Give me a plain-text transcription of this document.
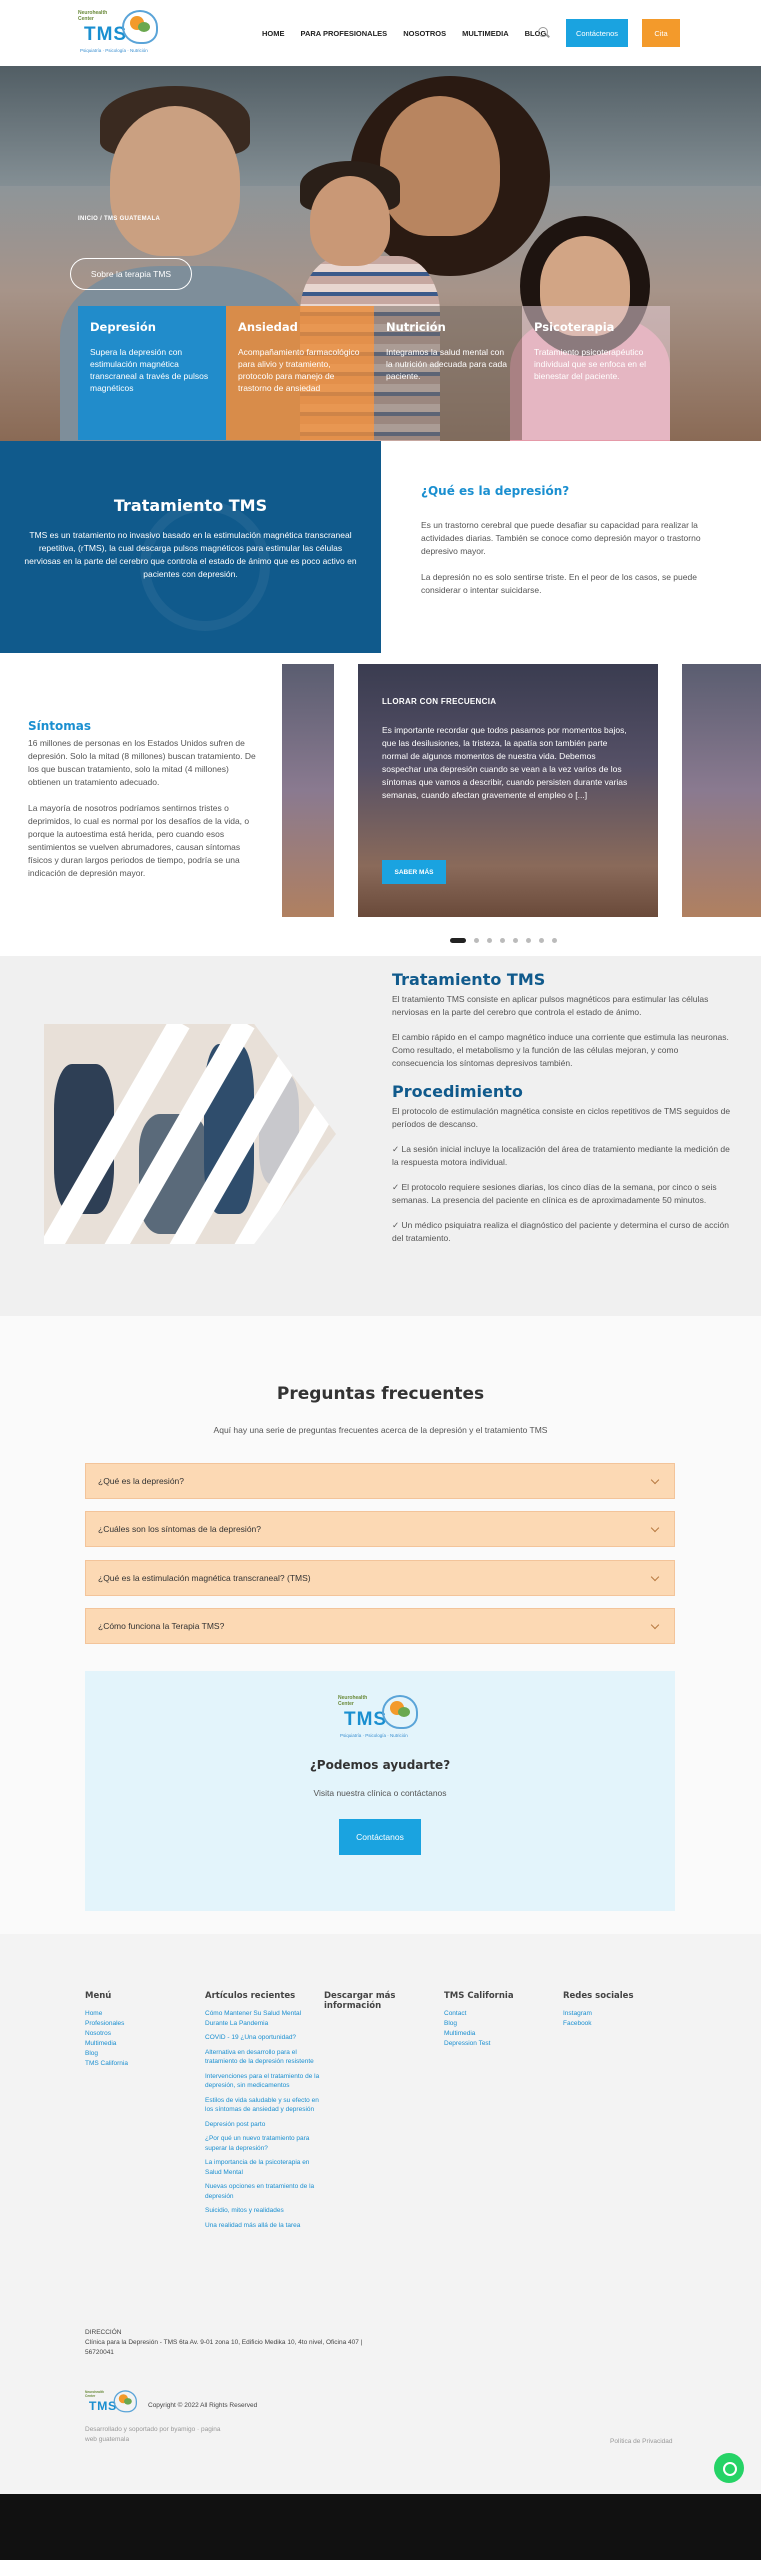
Neurohealth Center
TMS
Psiquiatría · Psicología · Nutrición
HOME PARA PROFESIONALES NOSOTROS MULTIMEDIA BLOG	Contáctenos	Cita
INICIO / TMS GUATEMALA
Sobre la terapia TMS
Depresión

Supera la depresión con estimulación magnética transcraneal a través de pulsos magnéticos

Ansiedad

Acompañamiento farmacológico para alivio y tratamiento, protocolo para manejo de trastorno de ansiedad

Nutrición

Integramos la salud mental con la nutrición adecuada para cada paciente.

Psicoterapia

Tratamiento psicoterapéutico individual que se enfoca en el bienestar del paciente.

Tratamiento TMS

TMS es un tratamiento no invasivo basado en la estimulación magnética transcraneal repetitiva, (rTMS), la cual descarga pulsos magnéticos para estimular las células nerviosas en la parte del cerebro que controla el estado de ánimo que es poco activo en pacientes con depresión.

¿Qué es la depresión?

Es un trastorno cerebral que puede desafiar su capacidad para realizar la actividades diarias. También se conoce como depresión mayor o trastorno depresivo mayor.

La depresión no es solo sentirse triste. En el peor de los casos, se puede considerar o intentar suicidarse.

Síntomas

16 millones de personas en los Estados Unidos sufren de depresión. Solo la mitad (8 millones) buscan tratamiento. De los que buscan tratamiento, solo la mitad (4 millones) obtienen un tratamiento adecuado.

La mayoría de nosotros podríamos sentirnos tristes o deprimidos, lo cual es normal por los desafíos de la vida, o porque la autoestima está herida, pero cuando esos sentimientos se vuelven abrumadores, causan síntomas físicos y duran largos periodos de tiempo, podría se una indicación de depresión mayor.

LLORAR CON FRECUENCIA

Es importante recordar que todos pasamos por momentos bajos, que las desilusiones, la tristeza, la apatía son también parte normal de algunos momentos de nuestra vida. Debemos sospechar una depresión cuando se vean a la vez varios de los síntomas que vamos a describir, cuando persisten durante varias semanas, cuando afectan gravemente el empleo o [...]

SABER MÁS
Tratamiento TMS

El tratamiento TMS consiste en aplicar pulsos magnéticos para estimular las células nerviosas en la parte del cerebro que controla el estado de ánimo.

El cambio rápido en el campo magnético induce una corriente que estimula las neuronas. Como resultado, el metabolismo y la función de las células mejoran, y como consecuencia los síntomas depresivos también.

Procedimiento

El protocolo de estimulación magnética consiste en ciclos repetitivos de TMS seguidos de períodos de descanso.

✓ La sesión inicial incluye la localización del área de tratamiento mediante la medición de la respuesta motora individual.

✓ El protocolo requiere sesiones diarias, los cinco días de la semana, por cinco o seis semanas. La presencia del paciente en clínica es de aproximadamente 50 minutos.

✓ Un médico psiquiatra realiza el diagnóstico del paciente y determina el curso de acción del tratamiento.

Preguntas frecuentes
Aquí hay una serie de preguntas frecuentes acerca de la depresión y el tratamiento TMS
¿Qué es la depresión?
¿Cuáles son los síntomas de la depresión?
¿Qué es la estimulación magnética transcraneal? (TMS)
¿Cómo funciona la Terapia TMS?
Neurohealth Center
TMS
Psiquiatría · Psicología · Nutrición
¿Podemos ayudarte?

Visita nuestra clínica o contáctanos

Contáctanos
Menú
Home
Profesionales
Nosotros
Multimedia
Blog
TMS California
Artículos recientes
Cómo Mantener Su Salud Mental Durante La Pandemia
COVID - 19 ¿Una oportunidad?
Alternativa en desarrollo para el tratamiento de la depresión resistente
Intervenciones para el tratamiento de la depresión, sin medicamentos
Estilos de vida saludable y su efecto en los síntomas de ansiedad y depresión
Depresión post parto
¿Por qué un nuevo tratamiento para superar la depresión?
La importancia de la psicoterapia en Salud Mental
Nuevas opciones en tratamiento de la depresión
Suicidio, mitos y realidades
Una realidad más allá de la tarea
Descargar más información
TMS California
Contact
Blog
Multimedia
Depression Test
Redes sociales
Instagram
Facebook
DIRECCIÓN
Clínica para la Depresión - TMS 6ta Av. 9-01 zona 10, Edificio Medika 10, 4to nivel, Oficina 407 | 56720041
Neurohealth Center
TMS	Copyright © 2022 All Rights Reserved
Desarrollado y soportado por byamigo · pagina web guatemala	Política de Privacidad
